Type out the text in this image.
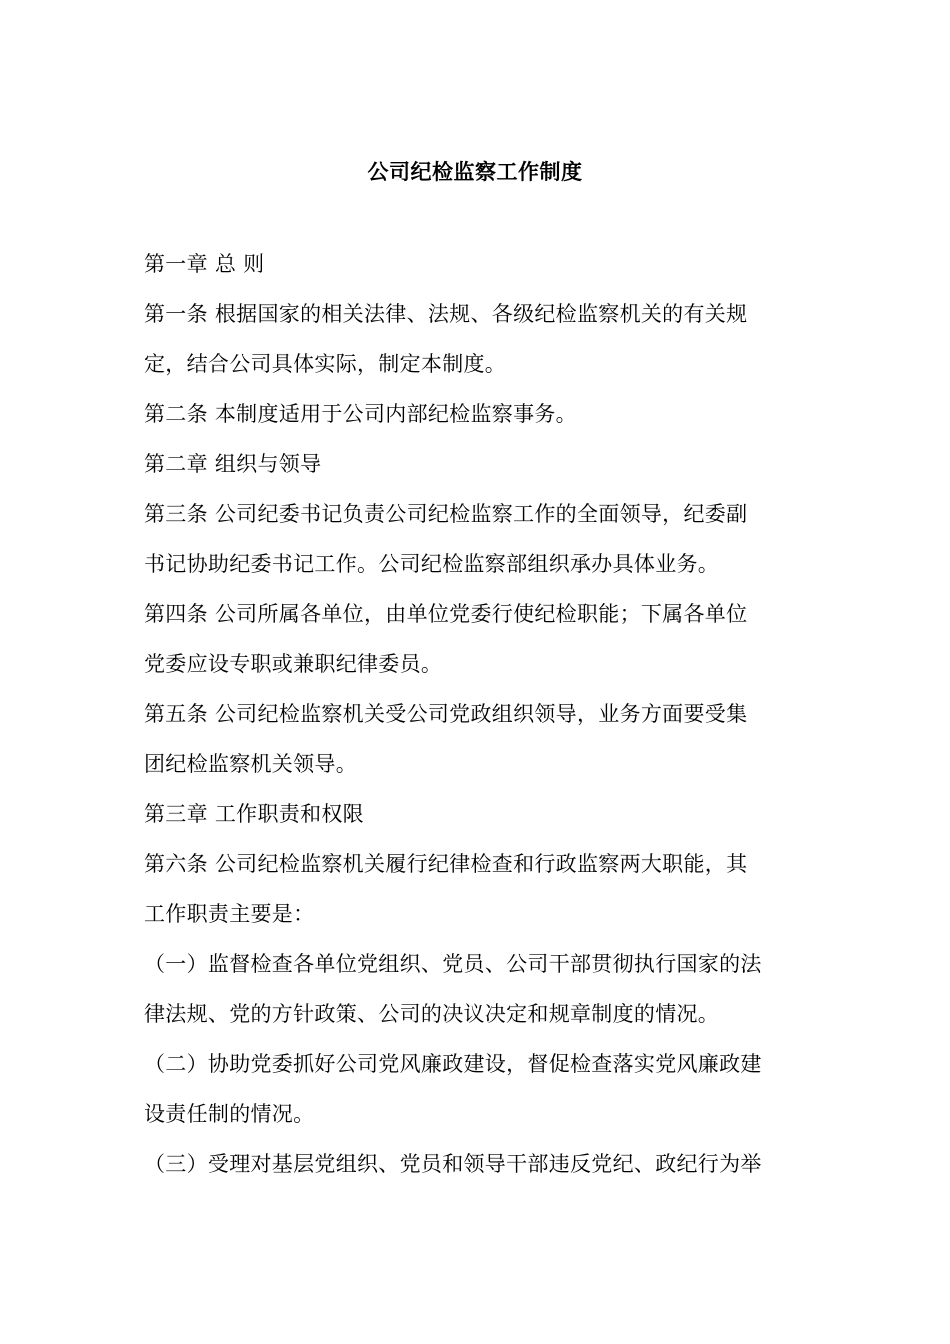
公司纪检监察工作制度
第一章 总 则
第一条 根据国家的相关法律、法规、各级纪检监察机关的有关规
定，结合公司具体实际，制定本制度。
第二条 本制度适用于公司内部纪检监察事务。
第二章 组织与领导
第三条 公司纪委书记负责公司纪检监察工作的全面领导，纪委副
书记协助纪委书记工作。公司纪检监察部组织承办具体业务。
第四条 公司所属各单位，由单位党委行使纪检职能；下属各单位
党委应设专职或兼职纪律委员。
第五条 公司纪检监察机关受公司党政组织领导，业务方面要受集
团纪检监察机关领导。
第三章 工作职责和权限
第六条 公司纪检监察机关履行纪律检查和行政监察两大职能，其
工作职责主要是：
（一）监督检查各单位党组织、党员、公司干部贯彻执行国家的法
律法规、党的方针政策、公司的决议决定和规章制度的情况。
（二）协助党委抓好公司党风廉政建设，督促检查落实党风廉政建
设责任制的情况。
（三）受理对基层党组织、党员和领导干部违反党纪、政纪行为举
